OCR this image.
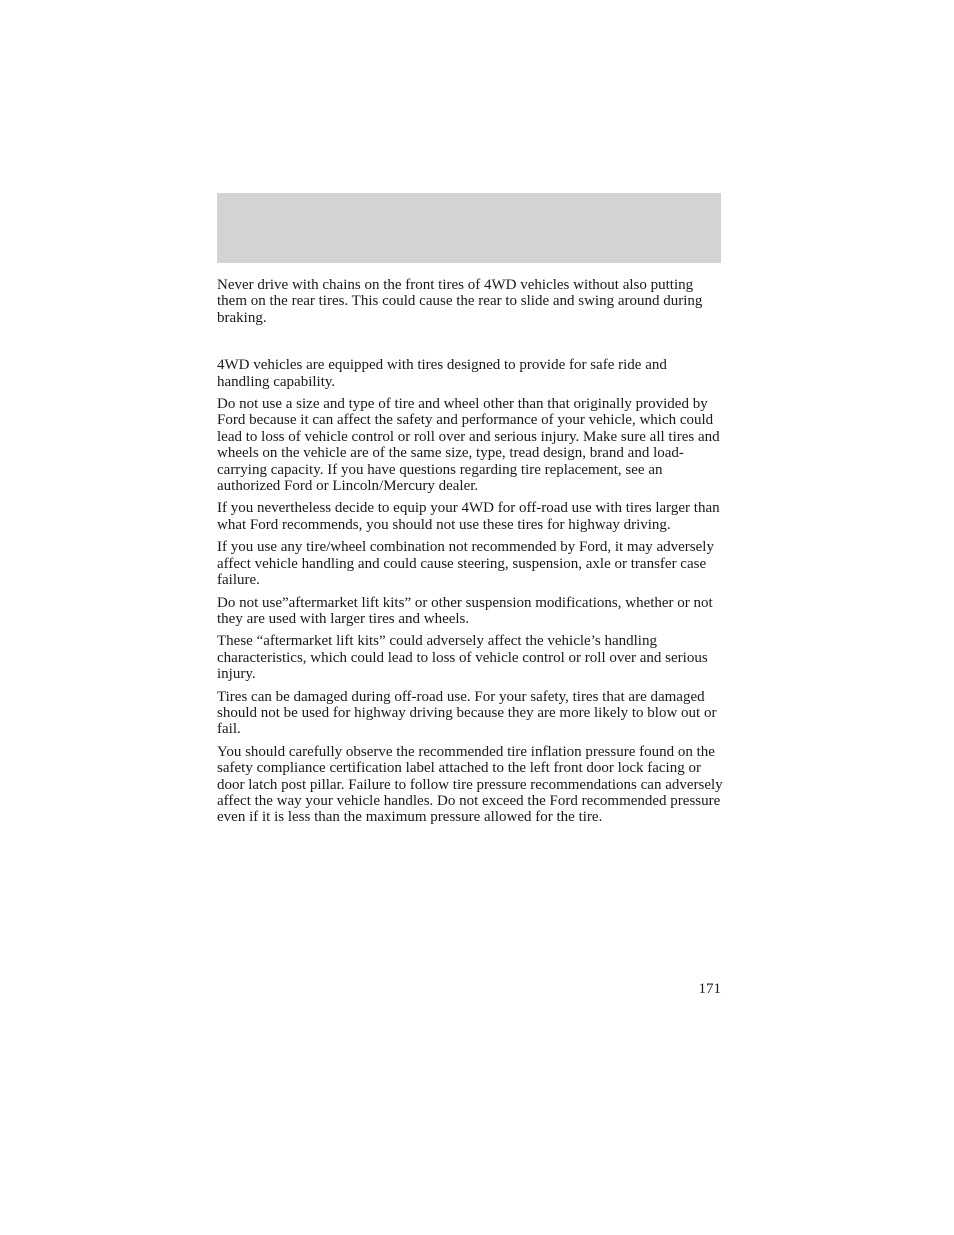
Never drive with chains on the front tires of 4WD vehicles without also putting them on the rear tires. This could cause the rear to slide and swing around during braking.

4WD vehicles are equipped with tires designed to provide for safe ride and handling capability.

Do not use a size and type of tire and wheel other than that originally provided by Ford because it can affect the safety and performance of your vehicle, which could lead to loss of vehicle control or roll over and serious injury. Make sure all tires and wheels on the vehicle are of the same size, type, tread design, brand and load-carrying capacity. If you have questions regarding tire replacement, see an authorized Ford or Lincoln/Mercury dealer.

If you nevertheless decide to equip your 4WD for off-road use with tires larger than what Ford recommends, you should not use these tires for highway driving.

If you use any tire/wheel combination not recommended by Ford, it may adversely affect vehicle handling and could cause steering, suspension, axle or transfer case failure.

Do not use”aftermarket lift kits” or other suspension modifications, whether or not they are used with larger tires and wheels.

These “aftermarket lift kits” could adversely affect the vehicle’s handling characteristics, which could lead to loss of vehicle control or roll over and serious injury.

Tires can be damaged during off-road use. For your safety, tires that are damaged should not be used for highway driving because they are more likely to blow out or fail.

You should carefully observe the recommended tire inflation pressure found on the safety compliance certification label attached to the left front door lock facing or door latch post pillar. Failure to follow tire pressure recommendations can adversely affect the way your vehicle handles. Do not exceed the Ford recommended pressure even if it is less than the maximum pressure allowed for the tire.

171
